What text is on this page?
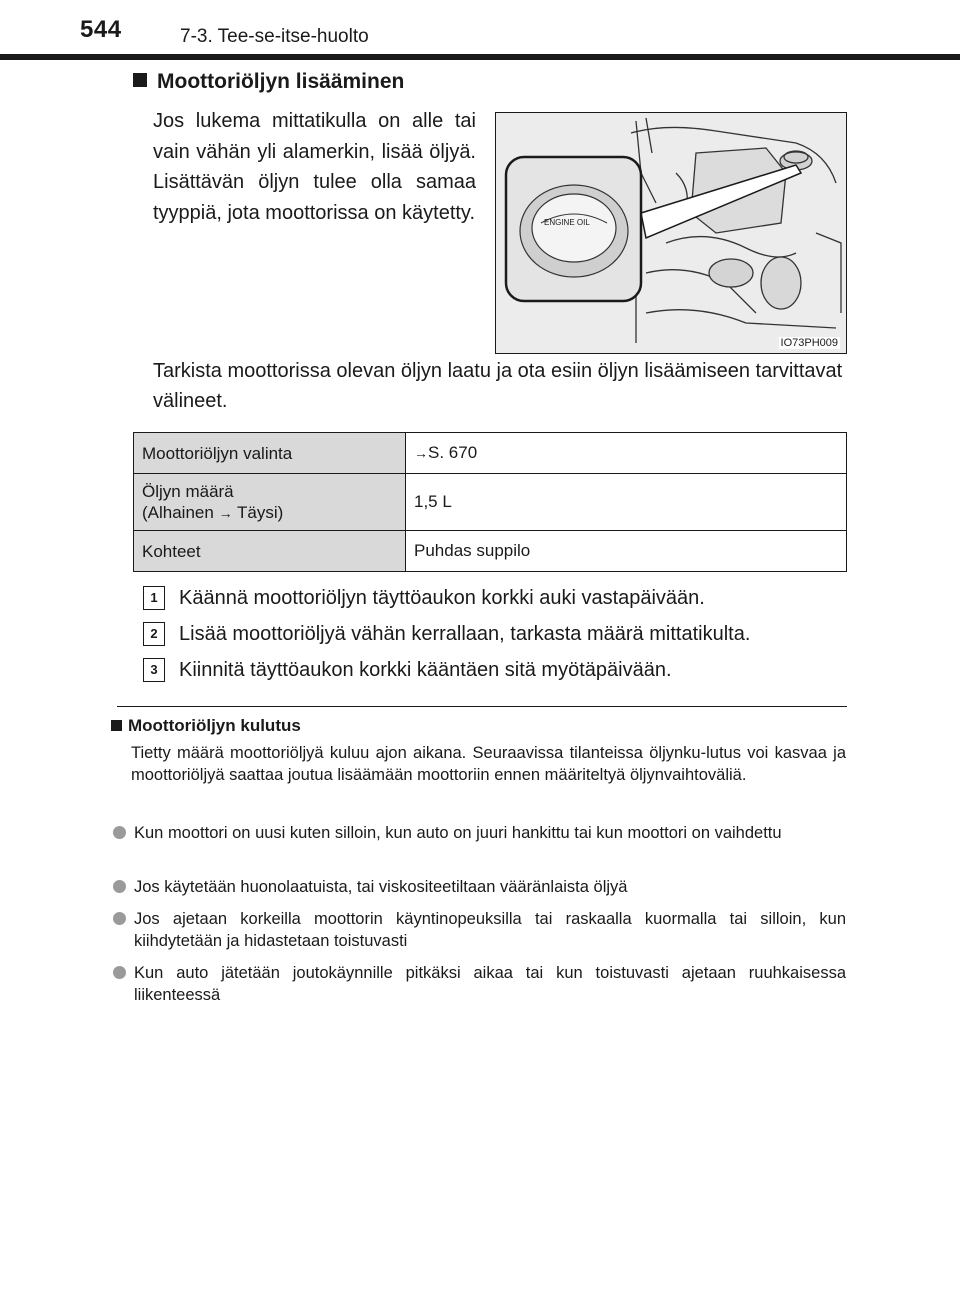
544	7-3. Tee-se-itse-huolto
Moottoriöljyn lisääminen
Jos lukema mittatikulla on alle tai vain vähän yli alamerkin, lisää öljyä. Lisättävän öljyn tulee olla samaa tyyppiä, jota moottorissa on käytetty.	ENGINE OIL
IO73PH009
Tarkista moottorissa olevan öljyn laatu ja ota esiin öljyn lisäämiseen tarvittavat välineet.
Moottoriöljyn valinta	→S. 670
Öljyn määrä
(Alhainen → Täysi)	1,5 L
Kohteet	Puhdas suppilo
1	Käännä moottoriöljyn täyttöaukon korkki auki vastapäivään.
2	Lisää moottoriöljyä vähän kerrallaan, tarkasta määrä mittatikulta.
3	Kiinnitä täyttöaukon korkki kääntäen sitä myötäpäivään.
Moottoriöljyn kulutus
Tietty määrä moottoriöljyä kuluu ajon aikana. Seuraavissa tilanteissa öljynku-lutus voi kasvaa ja moottoriöljyä saattaa joutua lisäämään moottoriin ennen määriteltyä öljynvaihtoväliä.
Kun moottori on uusi kuten silloin, kun auto on juuri hankittu tai kun moottori on vaihdettu
Jos käytetään huonolaatuista, tai viskositeetiltaan vääränlaista öljyä
Jos ajetaan korkeilla moottorin käyntinopeuksilla tai raskaalla kuormalla tai silloin, kun kiihdytetään ja hidastetaan toistuvasti
Kun auto jätetään joutokäynnille pitkäksi aikaa tai kun toistuvasti ajetaan ruuhkaisessa liikenteessä
